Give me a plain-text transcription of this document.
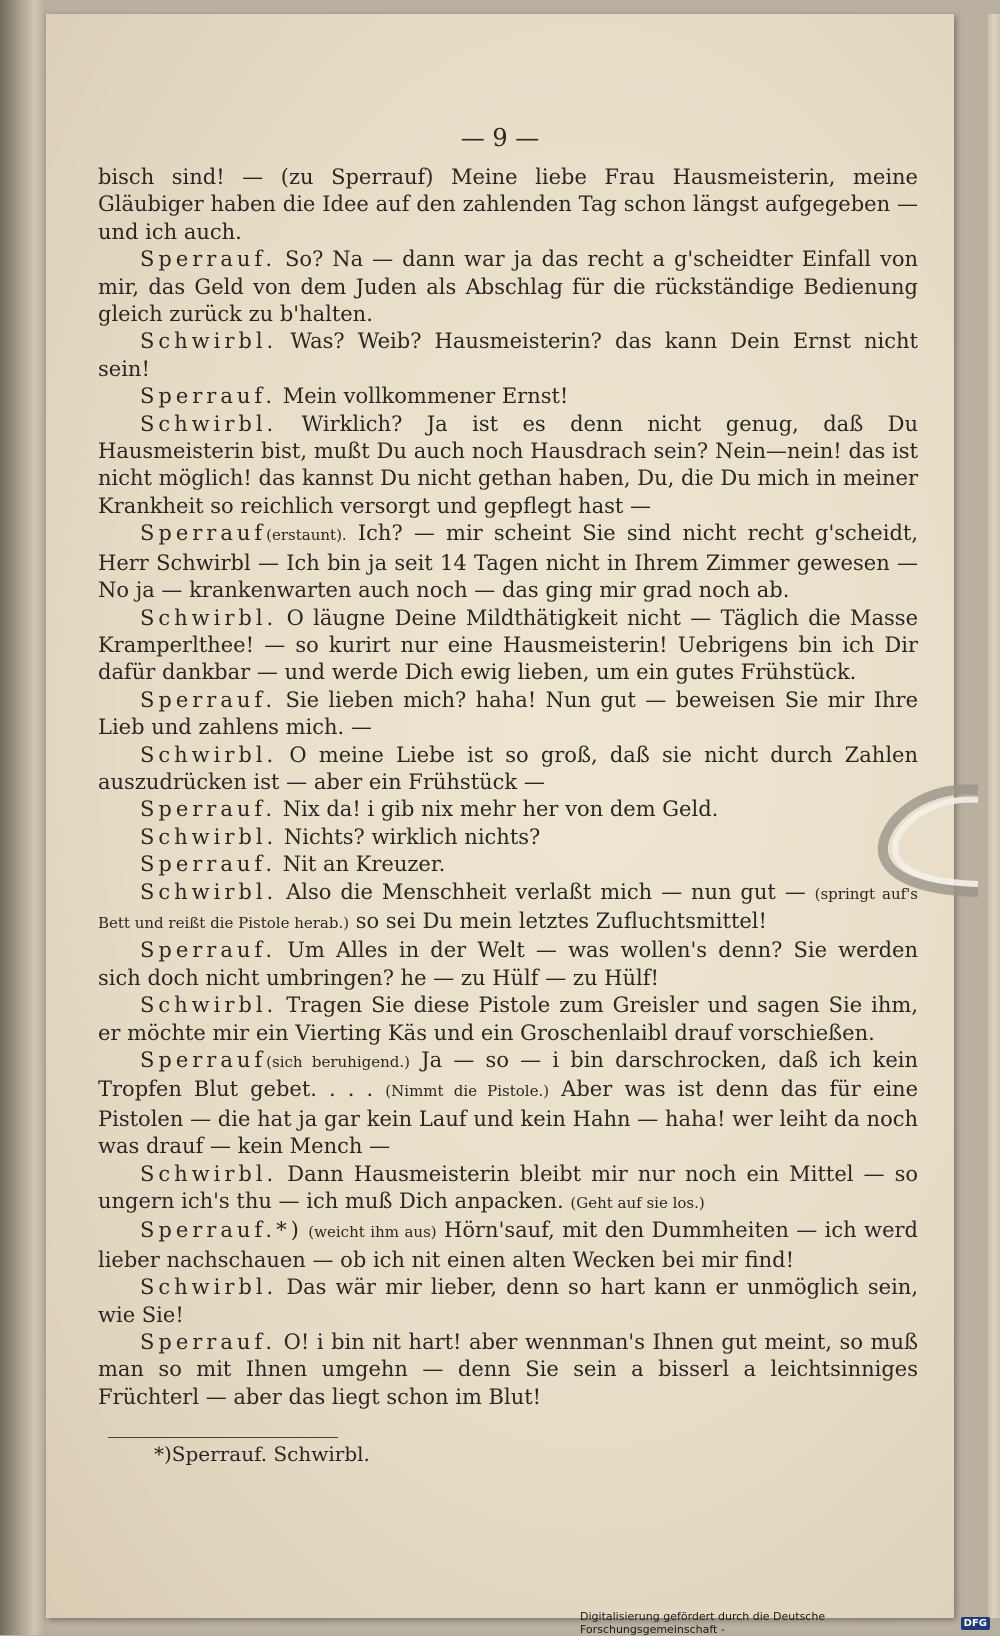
— 9 —

bisch sind! — (zu Sperrauf) Meine liebe Frau Hausmeisterin, meine Gläubiger haben die Idee auf den zahlenden Tag schon längst aufgegeben — und ich auch.

Sperrauf. So? Na — dann war ja das recht a g'scheidter Einfall von mir, das Geld von dem Juden als Abschlag für die rückständige Bedienung gleich zurück zu b'halten.

Schwirbl. Was? Weib? Hausmeisterin? das kann Dein Ernst nicht sein!

Sperrauf. Mein vollkommener Ernst!

Schwirbl. Wirklich? Ja ist es denn nicht genug, daß Du Hausmeisterin bist, mußt Du auch noch Hausdrach sein? Nein—nein! das ist nicht möglich! das kannst Du nicht gethan haben, Du, die Du mich in meiner Krankheit so reichlich versorgt und gepflegt hast —

Sperrauf(erstaunt). Ich? — mir scheint Sie sind nicht recht g'scheidt, Herr Schwirbl — Ich bin ja seit 14 Tagen nicht in Ihrem Zimmer gewesen — No ja — krankenwarten auch noch — das ging mir grad noch ab.

Schwirbl. O läugne Deine Mildthätigkeit nicht — Täglich die Masse Kramperlthee! — so kurirt nur eine Hausmeisterin! Uebrigens bin ich Dir dafür dankbar — und werde Dich ewig lieben, um ein gutes Frühstück.

Sperrauf. Sie lieben mich? haha! Nun gut — beweisen Sie mir Ihre Lieb und zahlens mich. —

Schwirbl. O meine Liebe ist so groß, daß sie nicht durch Zahlen auszudrücken ist — aber ein Frühstück —

Sperrauf. Nix da! i gib nix mehr her von dem Geld.

Schwirbl. Nichts? wirklich nichts?

Sperrauf. Nit an Kreuzer.

Schwirbl. Also die Menschheit verlaßt mich — nun gut — (springt auf's Bett und reißt die Pistole herab.) so sei Du mein letztes Zufluchtsmittel!

Sperrauf. Um Alles in der Welt — was wollen's denn? Sie werden sich doch nicht umbringen? he — zu Hülf — zu Hülf!

Schwirbl. Tragen Sie diese Pistole zum Greisler und sagen Sie ihm, er möchte mir ein Vierting Käs und ein Groschenlaibl drauf vorschießen.

Sperrauf(sich beruhigend.) Ja — so — i bin darschrocken, daß ich kein Tropfen Blut gebet. . . . (Nimmt die Pistole.) Aber was ist denn das für eine Pistolen — die hat ja gar kein Lauf und kein Hahn — haha! wer leiht da noch was drauf — kein Mench —

Schwirbl. Dann Hausmeisterin bleibt mir nur noch ein Mittel — so ungern ich's thu — ich muß Dich anpacken. (Geht auf sie los.)

Sperrauf.*) (weicht ihm aus) Hörn'sauf, mit den Dummheiten — ich werd lieber nachschauen — ob ich nit einen alten Wecken bei mir find!

Schwirbl. Das wär mir lieber, denn so hart kann er unmöglich sein, wie Sie!

Sperrauf. O! i bin nit hart! aber wennman's Ihnen gut meint, so muß man so mit Ihnen umgehn — denn Sie sein a bisserl a leichtsinniges Früchterl — aber das liegt schon im Blut!

*)Sperrauf. Schwirbl.
Digitalisierung gefördert durch die Deutsche Forschungsgemeinschaft -	DFG
